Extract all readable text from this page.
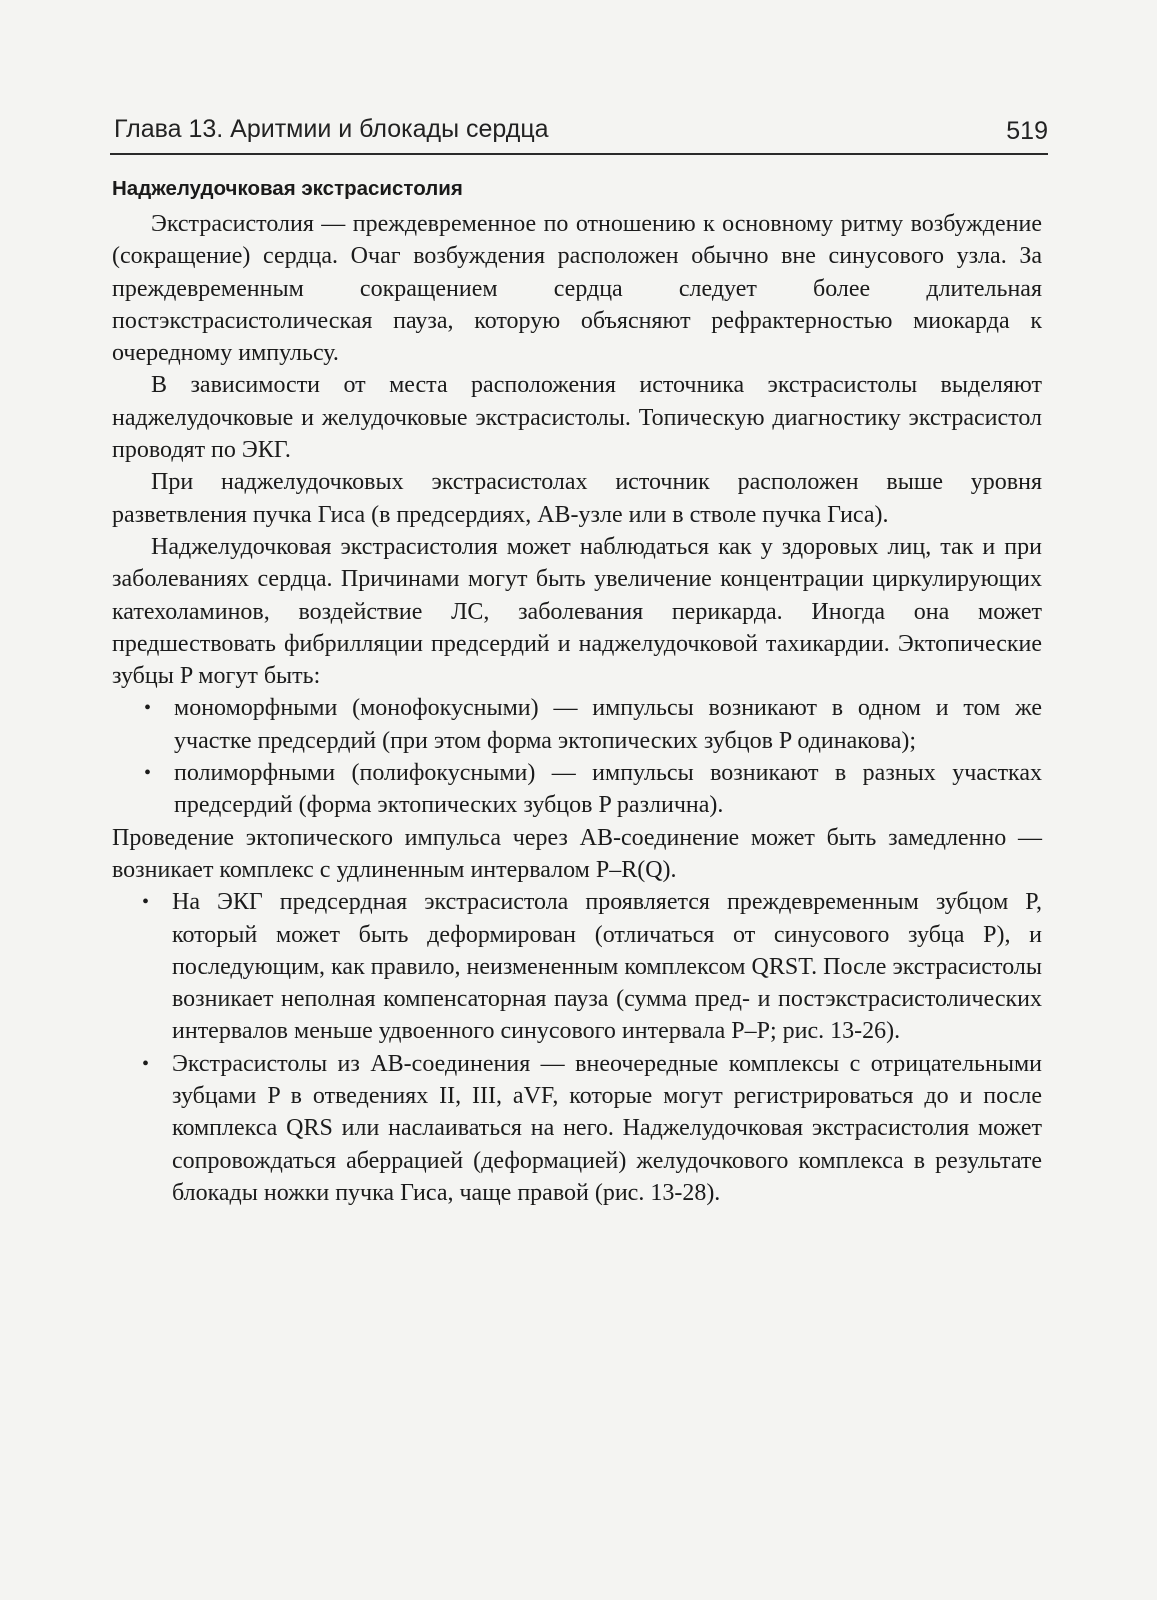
Глава 13. Аритмии и блокады сердца	519
Наджелудочковая экстрасистолия

Экстрасистолия — преждевременное по отношению к основному ритму возбуждение (сокращение) сердца. Очаг возбуждения расположен обычно вне синусового узла. За преждевременным сокращением сердца следует более длительная постэкстрасистолическая пауза, которую объясняют рефрактерностью миокарда к очередному импульсу.

В зависимости от места расположения источника экстрасистолы выделяют наджелудочковые и желудочковые экстрасистолы. Топическую диагностику экстрасистол проводят по ЭКГ.

При наджелудочковых экстрасистолах источник расположен выше уровня разветвления пучка Гиса (в предсердиях, АВ-узле или в стволе пучка Гиса).

Наджелудочковая экстрасистолия может наблюдаться как у здоровых лиц, так и при заболеваниях сердца. Причинами могут быть увеличение концентрации циркулирующих катехоламинов, воздействие ЛС, заболевания перикарда. Иногда она может предшествовать фибрилляции предсердий и наджелудочковой тахикардии. Эктопические зубцы P могут быть:

• мономорфными (монофокусными) — импульсы возникают в одном и том же участке предсердий (при этом форма эктопических зубцов P одинакова);
• полиморфными (полифокусными) — импульсы возникают в разных участках предсердий (форма эктопических зубцов P различна).

Проведение эктопического импульса через АВ-соединение может быть замедленно — возникает комплекс с удлиненным интервалом P–R(Q).

• На ЭКГ предсердная экстрасистола проявляется преждевременным зубцом P, который может быть деформирован (отличаться от синусового зубца P), и последующим, как правило, неизмененным комплексом QRST. После экстрасистолы возникает неполная компенсаторная пауза (сумма пред- и постэкстрасистолических интервалов меньше удвоенного синусового интервала P–P; рис. 13-26).
• Экстрасистолы из АВ-соединения — внеочередные комплексы с отрицательными зубцами P в отведениях II, III, aVF, которые могут регистрироваться до и после комплекса QRS или наслаиваться на него. Наджелудочковая экстрасистолия может сопровождаться аберрацией (деформацией) желудочкового комплекса в результате блокады ножки пучка Гиса, чаще правой (рис. 13-28).
